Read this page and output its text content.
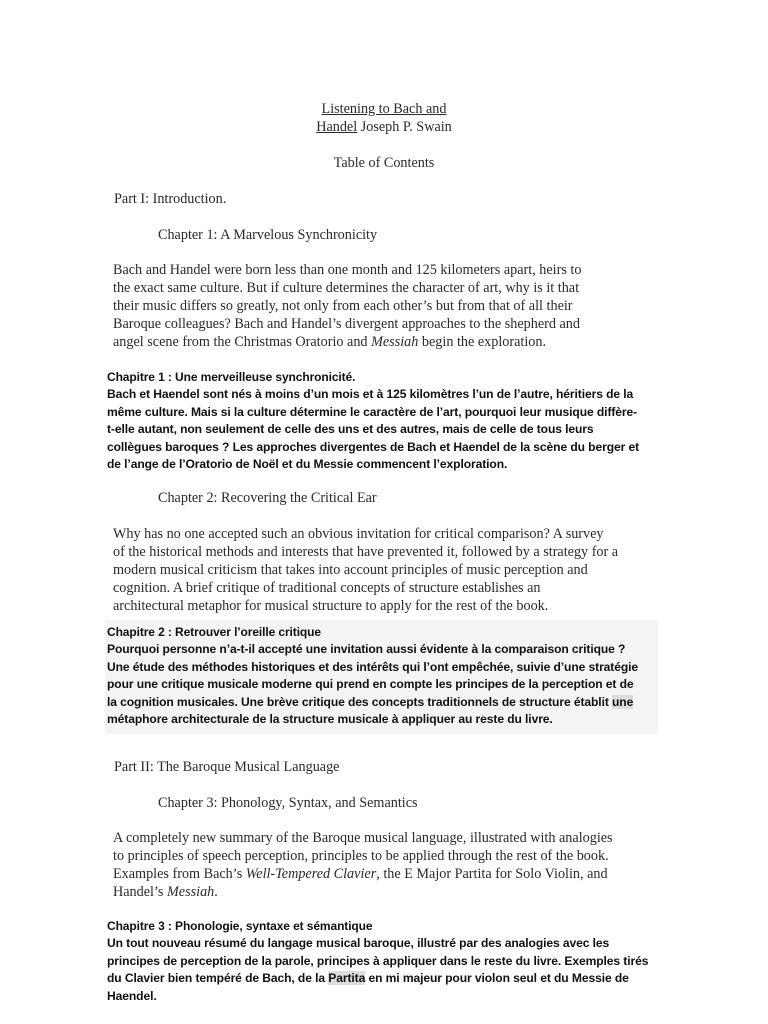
Listening to Bach and
Handel Joseph P. Swain
Table of Contents
Part I: Introduction.
Chapter 1: A Marvelous Synchronicity
Bach and Handel were born less than one month and 125 kilometers apart, heirs to
the exact same culture. But if culture determines the character of art, why is it that
their music differs so greatly, not only from each other’s but from that of all their
Baroque colleagues? Bach and Handel’s divergent approaches to the shepherd and
angel scene from the Christmas Oratorio and Messiah begin the exploration.
Chapitre 1 : Une merveilleuse synchronicité.
Bach et Haendel sont nés à moins d’un mois et à 125 kilomètres l’un de l’autre, héritiers de la
même culture. Mais si la culture détermine le caractère de l’art, pourquoi leur musique diffère-
t-elle autant, non seulement de celle des uns et des autres, mais de celle de tous leurs
collègues baroques ? Les approches divergentes de Bach et Haendel de la scène du berger et
de l’ange de l’Oratorio de Noël et du Messie commencent l’exploration.
Chapter 2: Recovering the Critical Ear
Why has no one accepted such an obvious invitation for critical comparison? A survey
of the historical methods and interests that have prevented it, followed by a strategy for a
modern musical criticism that takes into account principles of music perception and
cognition. A brief critique of traditional concepts of structure establishes an
architectural metaphor for musical structure to apply for the rest of the book.
Chapitre 2 : Retrouver l’oreille critique
Pourquoi personne n’a-t-il accepté une invitation aussi évidente à la comparaison critique ?
Une étude des méthodes historiques et des intérêts qui l’ont empêchée, suivie d’une stratégie
pour une critique musicale moderne qui prend en compte les principes de la perception et de
la cognition musicales. Une brève critique des concepts traditionnels de structure établit une
métaphore architecturale de la structure musicale à appliquer au reste du livre.
Part II: The Baroque Musical Language
Chapter 3: Phonology, Syntax, and Semantics
A completely new summary of the Baroque musical language, illustrated with analogies
to principles of speech perception, principles to be applied through the rest of the book.
Examples from Bach’s Well-Tempered Clavier, the E Major Partita for Solo Violin, and
Handel’s Messiah.
Chapitre 3 : Phonologie, syntaxe et sémantique
Un tout nouveau résumé du langage musical baroque, illustré par des analogies avec les
principes de perception de la parole, principes à appliquer dans le reste du livre. Exemples tirés
du Clavier bien tempéré de Bach, de la Partita en mi majeur pour violon seul et du Messie de
Haendel.
